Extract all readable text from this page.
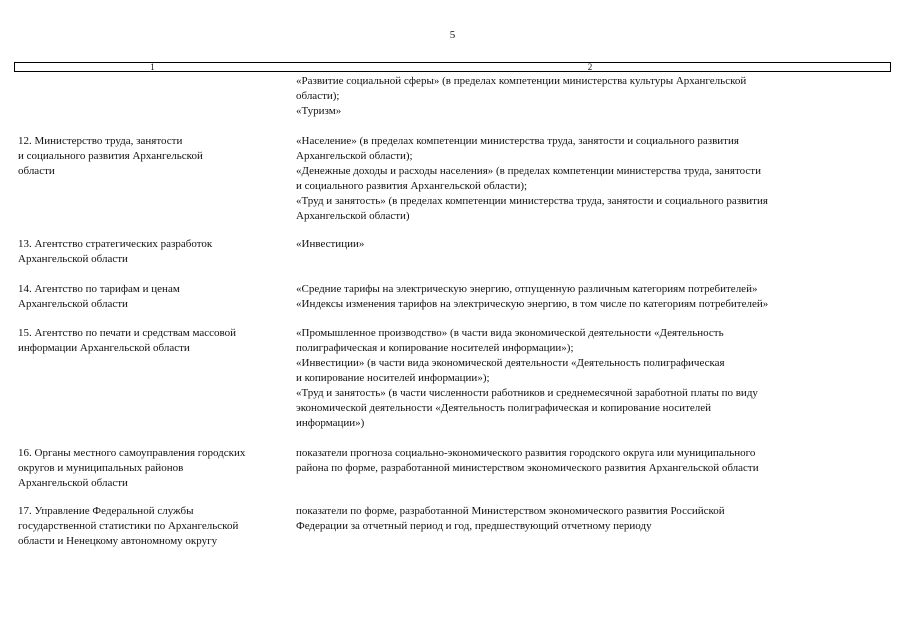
5
1	2
«Развитие социальной сферы» (в пределах компетенции министерства культуры Архангельской
области);
«Туризм»
12. Министерство труда, занятости
и социального развития Архангельской
области
«Население» (в пределах компетенции министерства труда, занятости и социального развития
Архангельской области);
«Денежные доходы и расходы населения» (в пределах компетенции министерства труда, занятости
и социального развития Архангельской области);
«Труд и занятость» (в пределах компетенции министерства труда, занятости и социального развития
Архангельской области)
13. Агентство стратегических разработок
Архангельской области
«Инвестиции»
14. Агентство по тарифам и ценам
Архангельской области
«Средние тарифы на электрическую энергию, отпущенную различным категориям потребителей»
«Индексы изменения тарифов на электрическую энергию, в том числе по категориям потребителей»
15. Агентство по печати и средствам массовой
информации Архангельской области
«Промышленное производство» (в части вида экономической деятельности «Деятельность
полиграфическая и копирование носителей информации»);
«Инвестиции» (в части вида экономической деятельности «Деятельность полиграфическая
и копирование носителей информации»);
«Труд и занятость» (в части численности работников и среднемесячной заработной платы по виду
экономической деятельности «Деятельность полиграфическая и копирование носителей
информации»)
16. Органы местного самоуправления городских
округов и муниципальных районов
Архангельской области
показатели прогноза социально-экономического развития городского округа или муниципального
района по форме, разработанной министерством экономического развития Архангельской области
17. Управление Федеральной службы
государственной статистики по Архангельской
области и Ненецкому автономному округу
показатели по форме, разработанной Министерством экономического развития Российской
Федерации за отчетный период и год, предшествующий отчетному периоду
